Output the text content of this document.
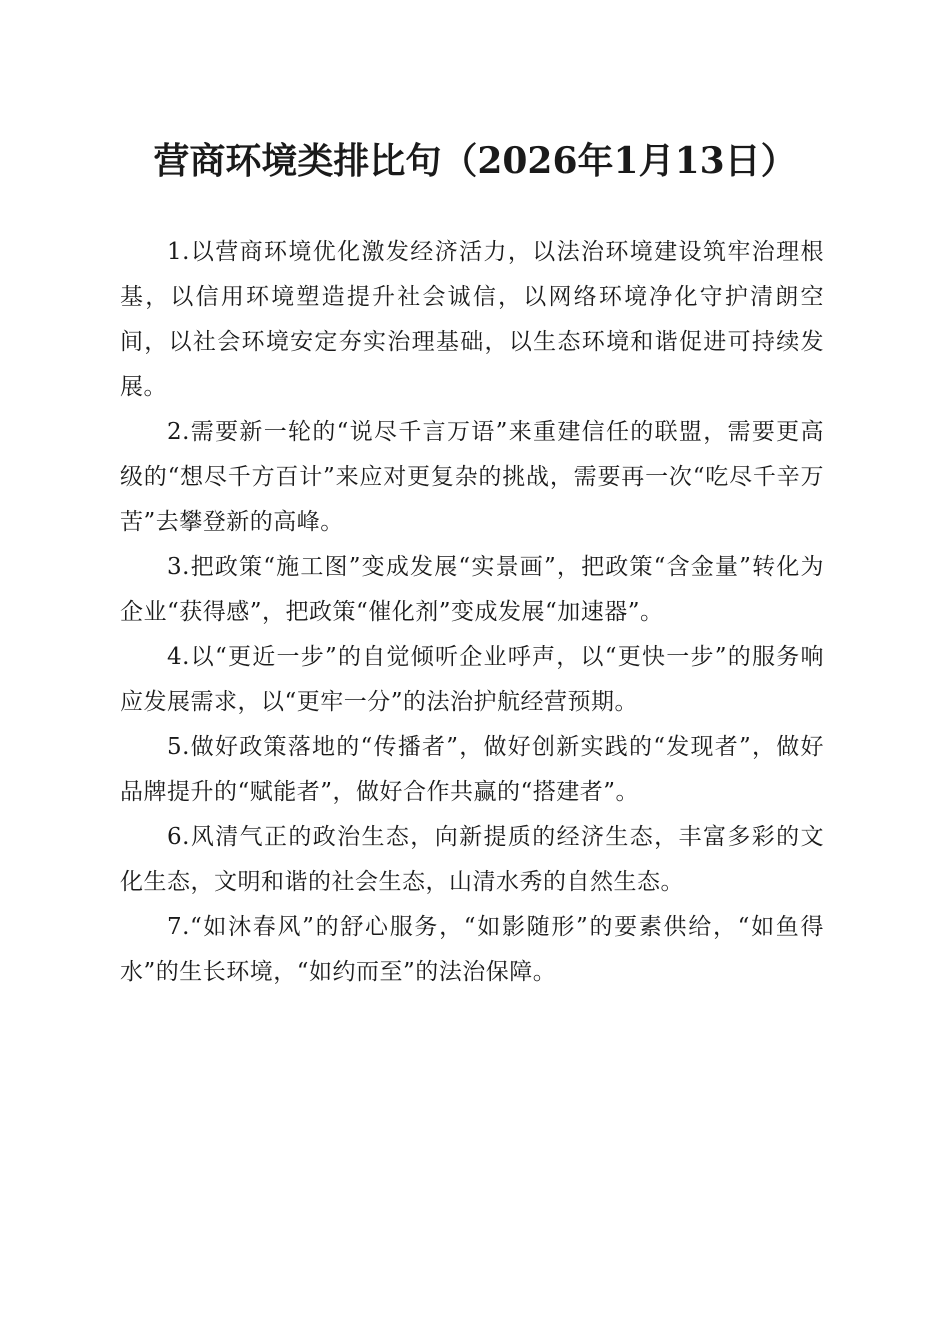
营商环境类排比句（2026年1月13日）

1.以营商环境优化激发经济活力，以法治环境建设筑牢治理根基，以信用环境塑造提升社会诚信，以网络环境净化守护清朗空间，以社会环境安定夯实治理基础，以生态环境和谐促进可持续发展。

2.需要新一轮的“说尽千言万语”来重建信任的联盟，需要更高级的“想尽千方百计”来应对更复杂的挑战，需要再一次“吃尽千辛万苦”去攀登新的高峰。

3.把政策“施工图”变成发展“实景画”，把政策“含金量”转化为企业“获得感”，把政策“催化剂”变成发展“加速器”。

4.以“更近一步”的自觉倾听企业呼声，以“更快一步”的服务响应发展需求，以“更牢一分”的法治护航经营预期。

5.做好政策落地的“传播者”，做好创新实践的“发现者”，做好品牌提升的“赋能者”，做好合作共赢的“搭建者”。

6.风清气正的政治生态，向新提质的经济生态，丰富多彩的文化生态，文明和谐的社会生态，山清水秀的自然生态。

7.“如沐春风”的舒心服务，“如影随形”的要素供给，“如鱼得水”的生长环境，“如约而至”的法治保障。
